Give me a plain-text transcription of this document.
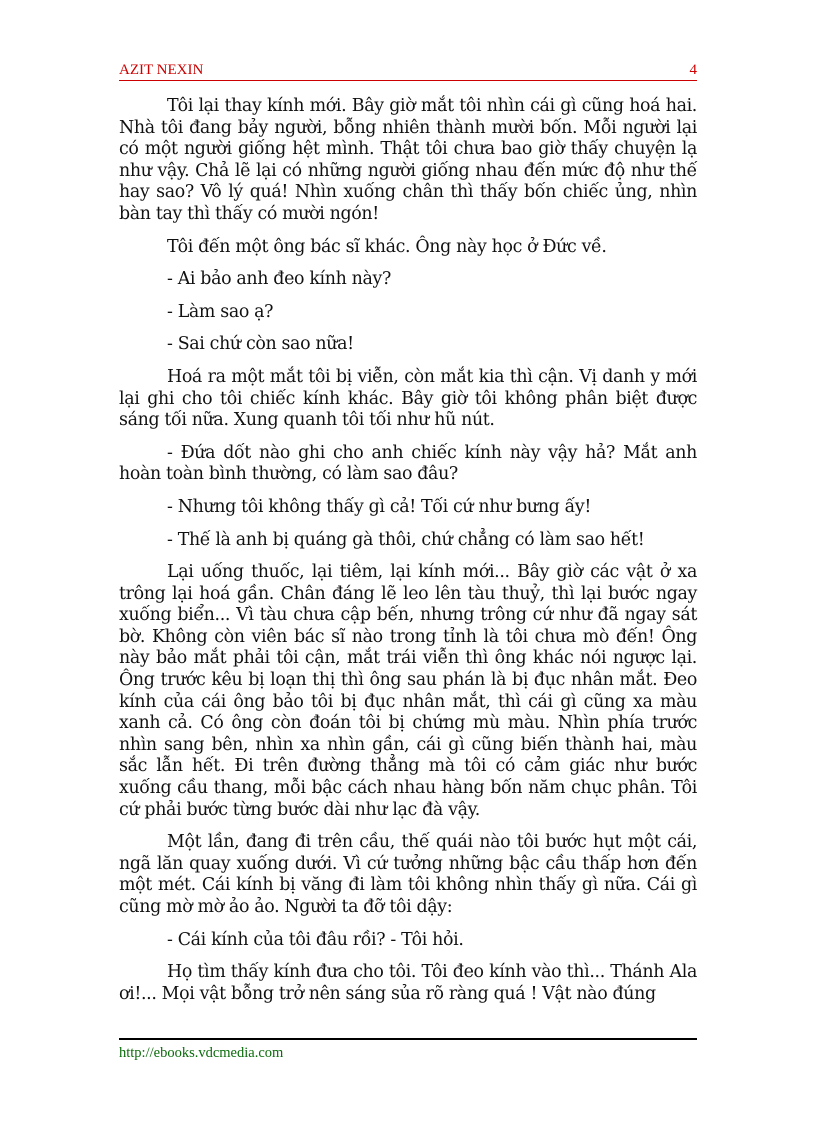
AZIT NEXIN	4

Tôi lại thay kính mới. Bây giờ mắt tôi nhìn cái gì cũng hoá hai. Nhà tôi đang bảy người, bỗng nhiên thành mười bốn. Mỗi người lại có một người giống hệt mình. Thật tôi chưa bao giờ thấy chuyện lạ như vậy. Chả lẽ lại có những người giống nhau đến mức độ như thế hay sao? Vô lý quá! Nhìn xuống chân thì thấy bốn chiếc ủng, nhìn bàn tay thì thấy có mười ngón!

Tôi đến một ông bác sĩ khác. Ông này học ở Đức về.

- Ai bảo anh đeo kính này?

- Làm sao ạ?

- Sai chứ còn sao nữa!

Hoá ra một mắt tôi bị viễn, còn mắt kia thì cận. Vị danh y mới lại ghi cho tôi chiếc kính khác. Bây giờ tôi không phân biệt được sáng tối nữa. Xung quanh tôi tối như hũ nút.

- Đứa dốt nào ghi cho anh chiếc kính này vậy hả? Mắt anh hoàn toàn bình thường, có làm sao đâu?

- Nhưng tôi không thấy gì cả! Tối cứ như bưng ấy!

- Thế là anh bị quáng gà thôi, chứ chẳng có làm sao hết!

Lại uống thuốc, lại tiêm, lại kính mới... Bây giờ các vật ở xa trông lại hoá gần. Chân đáng lẽ leo lên tàu thuỷ, thì lại bước ngay xuống biển... Vì tàu chưa cập bến, nhưng trông cứ như đã ngay sát bờ. Không còn viên bác sĩ nào trong tỉnh là tôi chưa mò đến! Ông này bảo mắt phải tôi cận, mắt trái viễn thì ông khác nói ngược lại. Ông trước kêu bị loạn thị thì ông sau phán là bị đục nhân mắt. Đeo kính của cái ông bảo tôi bị đục nhân mắt, thì cái gì cũng xa màu xanh cả. Có ông còn đoán tôi bị chứng mù màu. Nhìn phía trước nhìn sang bên, nhìn xa nhìn gần, cái gì cũng biến thành hai, màu sắc lẫn hết. Đi trên đường thẳng mà tôi có cảm giác như bước xuống cầu thang, mỗi bậc cách nhau hàng bốn năm chục phân. Tôi cứ phải bước từng bước dài như lạc đà vậy.

Một lần, đang đi trên cầu, thế quái nào tôi bước hụt một cái, ngã lăn quay xuống dưới. Vì cứ tưởng những bậc cầu thấp hơn đến một mét. Cái kính bị văng đi làm tôi không nhìn thấy gì nữa. Cái gì cũng mờ mờ ảo ảo. Người ta đỡ tôi dậy:

- Cái kính của tôi đâu rồi? - Tôi hỏi.

Họ tìm thấy kính đưa cho tôi. Tôi đeo kính vào thì... Thánh Ala ơi!... Mọi vật bỗng trở nên sáng sủa rõ ràng quá ! Vật nào đúng

http://ebooks.vdcmedia.com
